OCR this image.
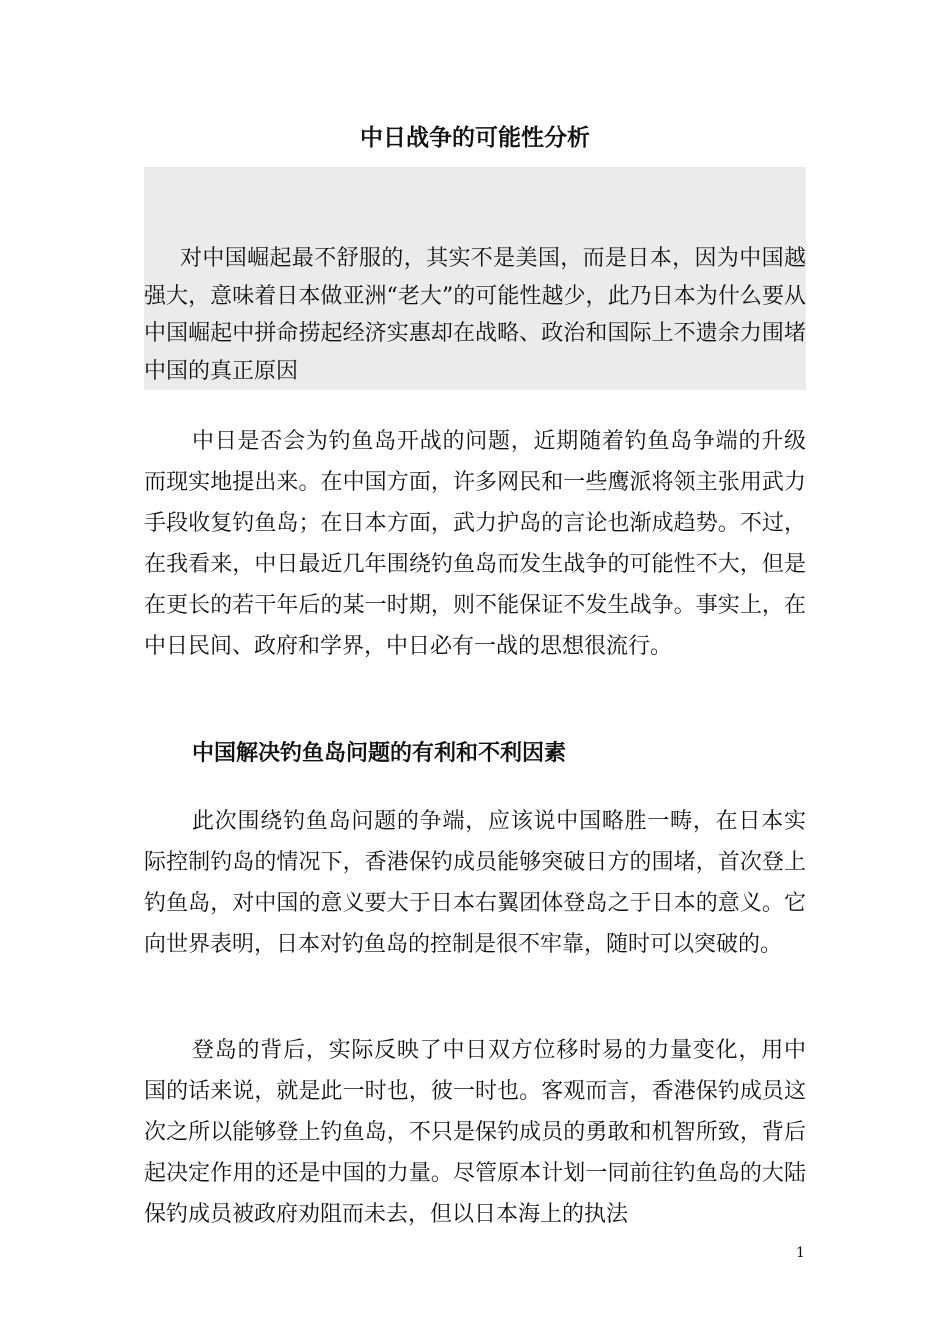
中日战争的可能性分析

对中国崛起最不舒服的，其实不是美国，而是日本，因为中国越强大，意味着日本做亚洲“老大”的可能性越少，此乃日本为什么要从中国崛起中拼命捞起经济实惠却在战略、政治和国际上不遗余力围堵中国的真正原因

中日是否会为钓鱼岛开战的问题，近期随着钓鱼岛争端的升级而现实地提出来。在中国方面，许多网民和一些鹰派将领主张用武力手段收复钓鱼岛；在日本方面，武力护岛的言论也渐成趋势。不过，在我看来，中日最近几年围绕钓鱼岛而发生战争的可能性不大，但是在更长的若干年后的某一时期，则不能保证不发生战争。事实上，在中日民间、政府和学界，中日必有一战的思想很流行。

中国解决钓鱼岛问题的有利和不利因素

此次围绕钓鱼岛问题的争端，应该说中国略胜一畴，在日本实际控制钓岛的情况下，香港保钓成员能够突破日方的围堵，首次登上钓鱼岛，对中国的意义要大于日本右翼团体登岛之于日本的意义。它向世界表明，日本对钓鱼岛的控制是很不牢靠，随时可以突破的。

登岛的背后，实际反映了中日双方位移时易的力量变化，用中国的话来说，就是此一时也，彼一时也。客观而言，香港保钓成员这次之所以能够登上钓鱼岛，不只是保钓成员的勇敢和机智所致，背后起决定作用的还是中国的力量。尽管原本计划一同前往钓鱼岛的大陆保钓成员被政府劝阻而未去，但以日本海上的执法

1
